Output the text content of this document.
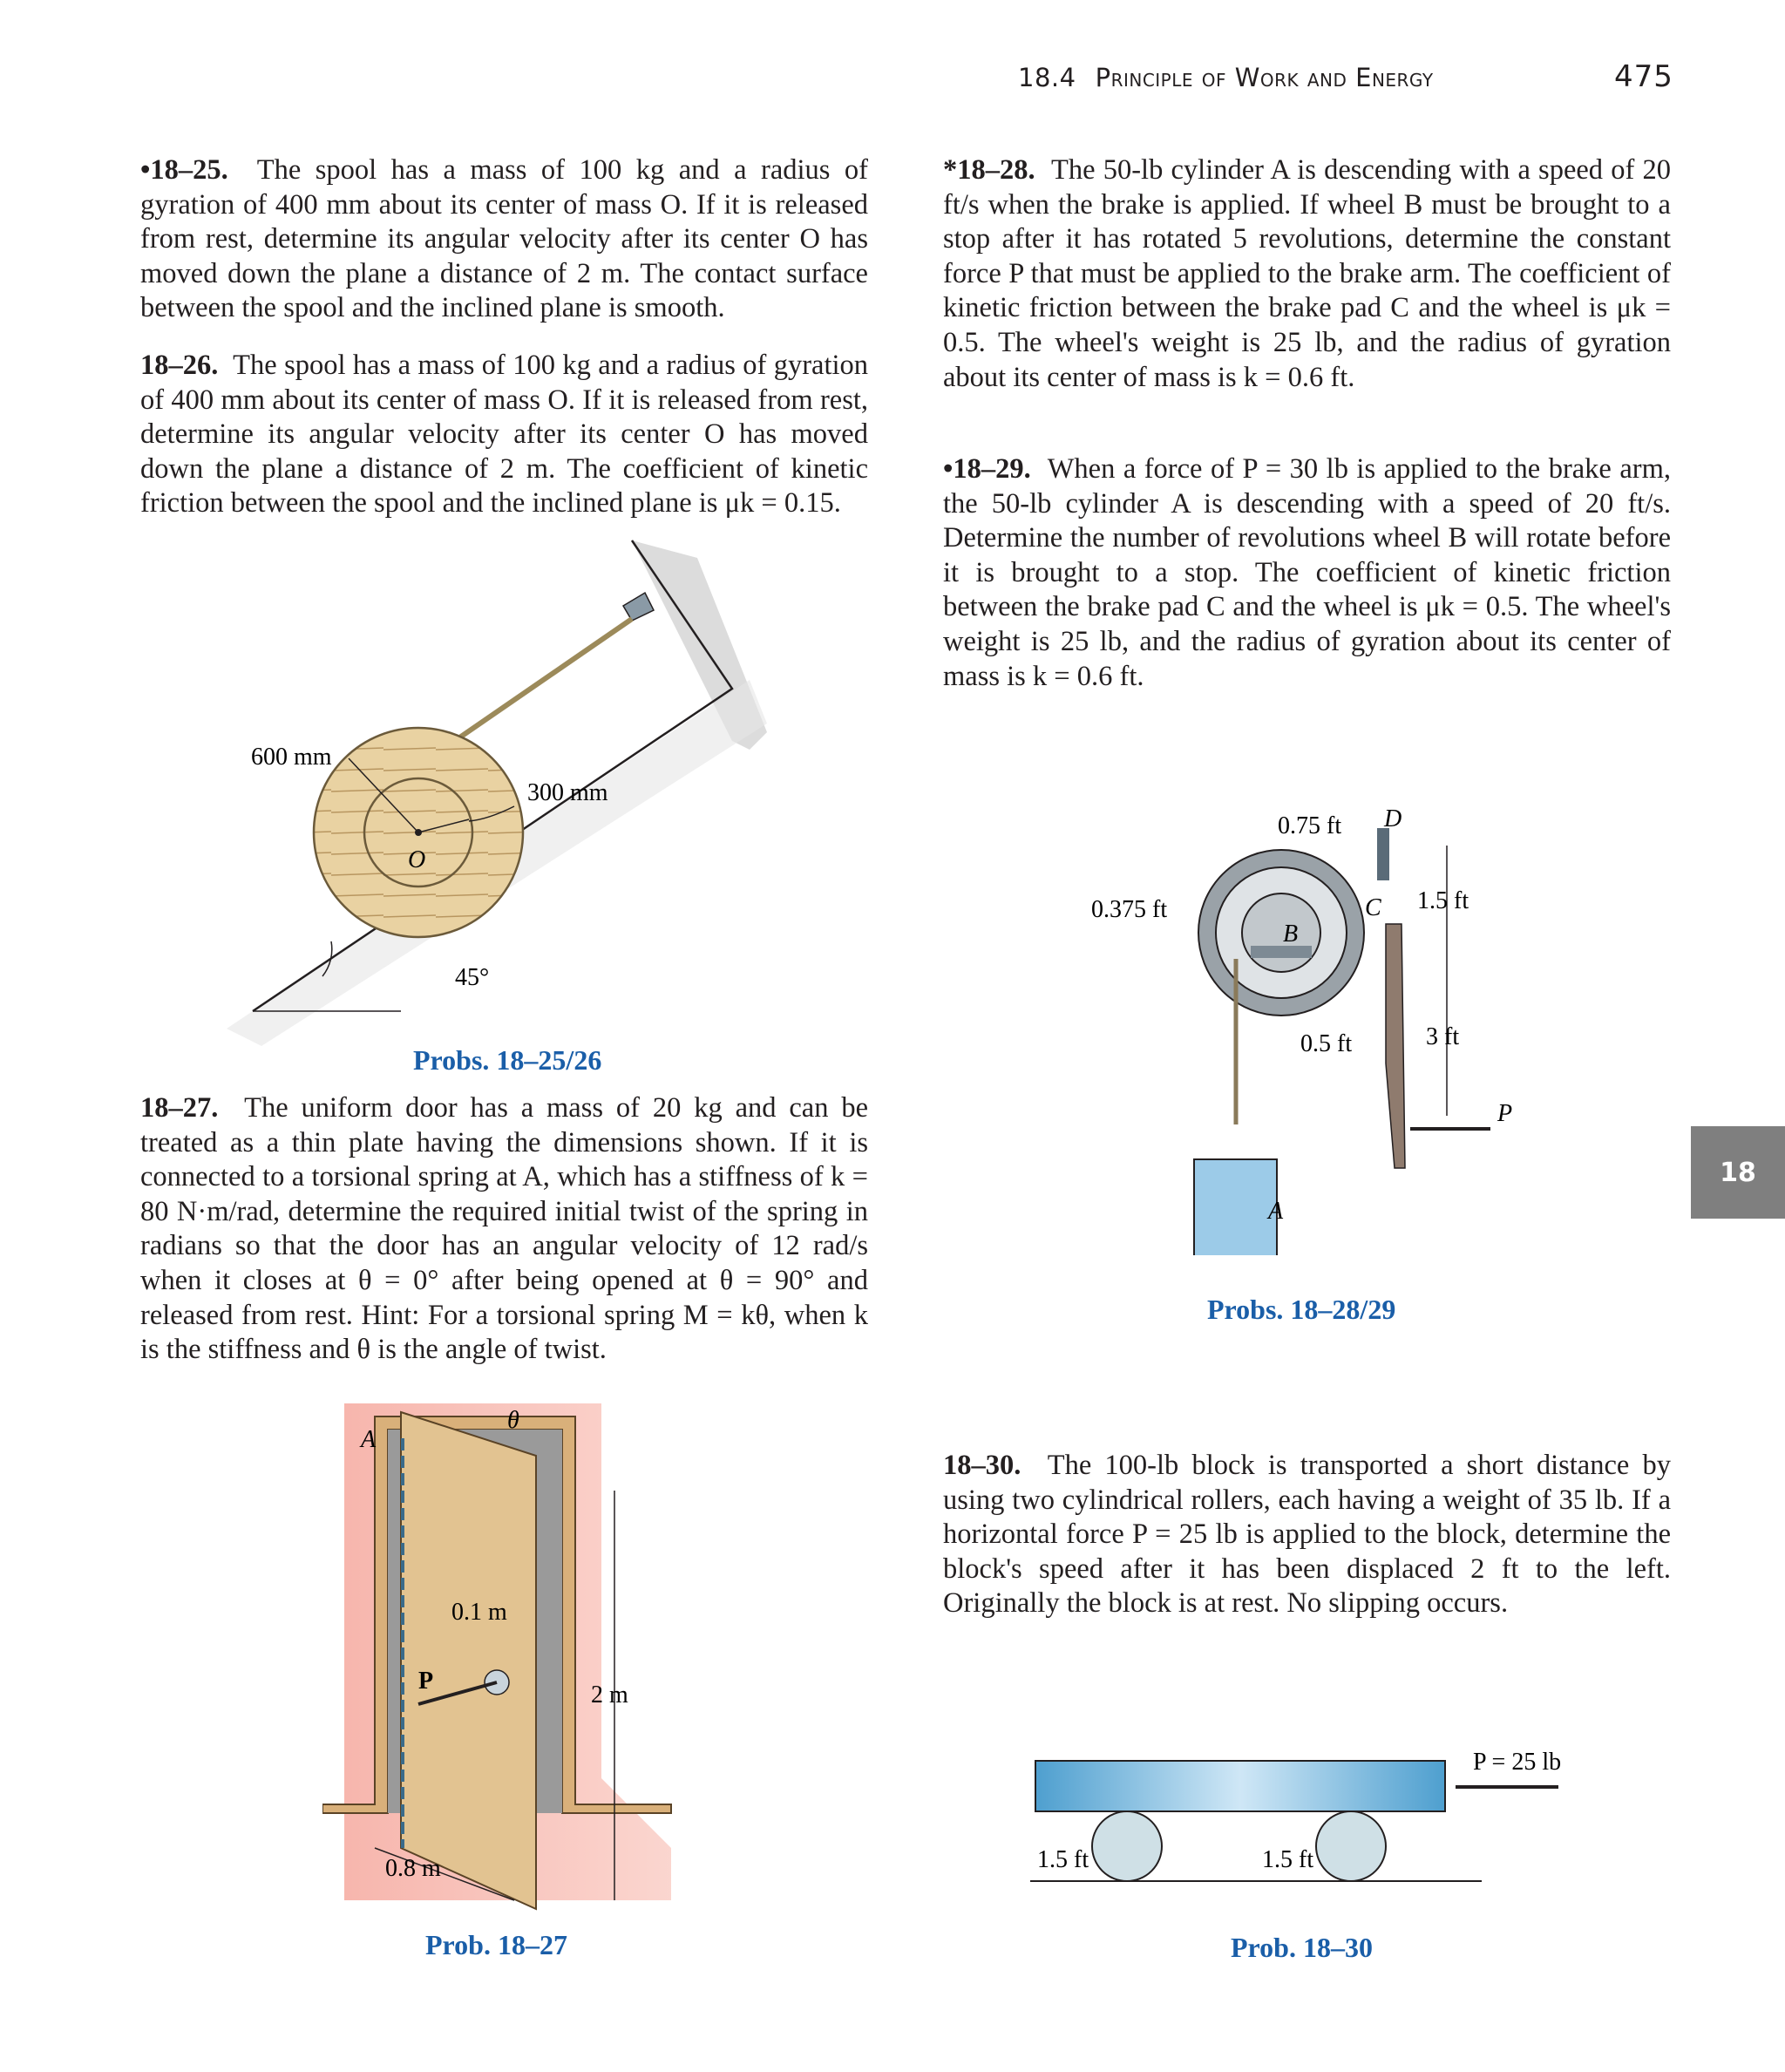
18.4 Principle of Work and Energy	475
•18–25. The spool has a mass of 100 kg and a radius of gyration of 400 mm about its center of mass O. If it is released from rest, determine its angular velocity after its center O has moved down the plane a distance of 2 m. The contact surface between the spool and the inclined plane is smooth.
18–26. The spool has a mass of 100 kg and a radius of gyration of 400 mm about its center of mass O. If it is released from rest, determine its angular velocity after its center O has moved down the plane a distance of 2 m. The coefficient of kinetic friction between the spool and the inclined plane is μk = 0.15.
18–27. The uniform door has a mass of 20 kg and can be treated as a thin plate having the dimensions shown. If it is connected to a torsional spring at A, which has a stiffness of k = 80 N·m/rad, determine the required initial twist of the spring in radians so that the door has an angular velocity of 12 rad/s when it closes at θ = 0° after being opened at θ = 90° and released from rest. Hint: For a torsional spring M = kθ, when k is the stiffness and θ is the angle of twist.
*18–28. The 50-lb cylinder A is descending with a speed of 20 ft/s when the brake is applied. If wheel B must be brought to a stop after it has rotated 5 revolutions, determine the constant force P that must be applied to the brake arm. The coefficient of kinetic friction between the brake pad C and the wheel is μk = 0.5. The wheel's weight is 25 lb, and the radius of gyration about its center of mass is k = 0.6 ft.
•18–29. When a force of P = 30 lb is applied to the brake arm, the 50-lb cylinder A is descending with a speed of 20 ft/s. Determine the number of revolutions wheel B will rotate before it is brought to a stop. The coefficient of kinetic friction between the brake pad C and the wheel is μk = 0.5. The wheel's weight is 25 lb, and the radius of gyration about its center of mass is k = 0.6 ft.
18–30. The 100-lb block is transported a short distance by using two cylindrical rollers, each having a weight of 35 lb. If a horizontal force P = 25 lb is applied to the block, determine the block's speed after it has been displaced 2 ft to the left. Originally the block is at rest. No slipping occurs.
18
600 mm
300 mm
O
45°
Probs. 18–25/26
A
θ
0.1 m
P
2 m
0.8 m
Prob. 18–27
0.75 ft
0.375 ft
D
C
B
1.5 ft
3 ft
0.5 ft
P
A
Probs. 18–28/29
P = 25 lb
1.5 ft	1.5 ft
Prob. 18–30
